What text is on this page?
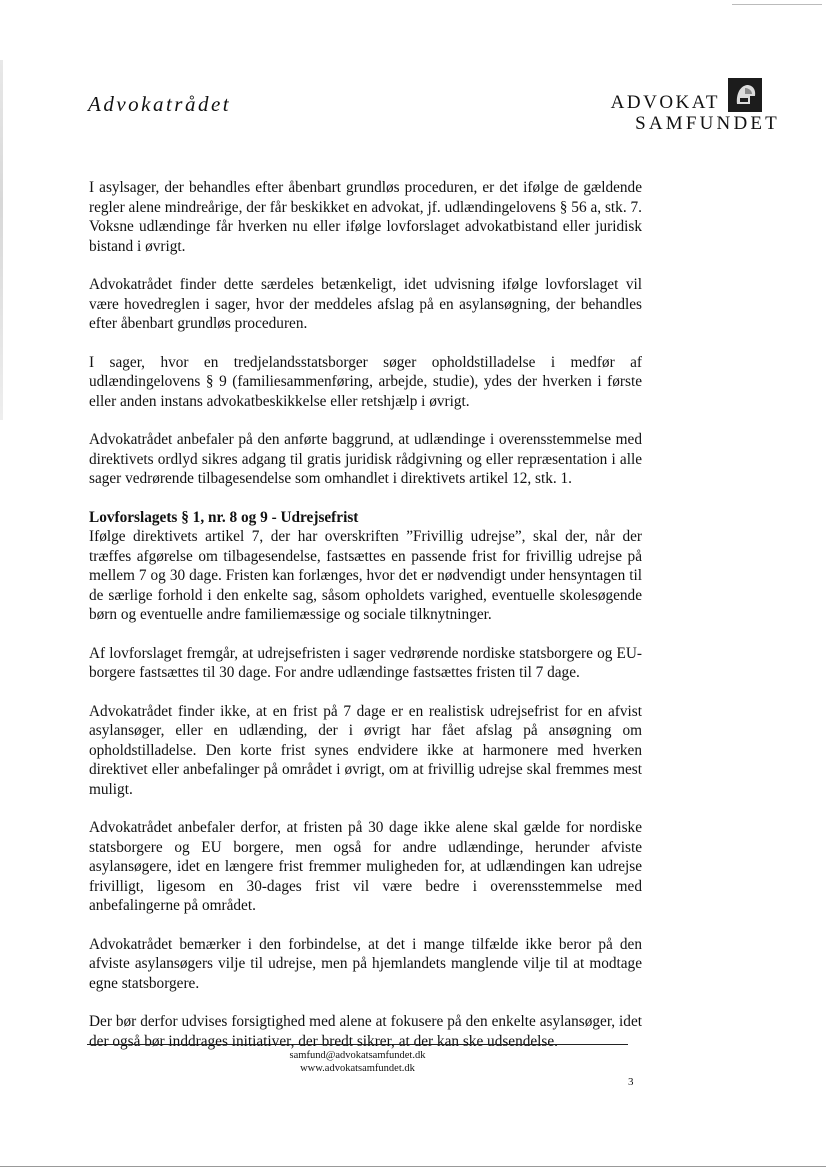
Advokatrådet	ADVOKAT
SAMFUNDET

I asylsager, der behandles efter åbenbart grundløs proceduren, er det ifølge de gældende regler alene mindreårige, der får beskikket en advokat, jf. udlændingelovens § 56 a, stk. 7. Voksne udlændinge får hverken nu eller ifølge lovforslaget advokatbistand eller juridisk bistand i øvrigt.

Advokatrådet finder dette særdeles betænkeligt, idet udvisning ifølge lovforslaget vil være hovedreglen i sager, hvor der meddeles afslag på en asylansøgning, der behandles efter åbenbart grundløs proceduren.

I sager, hvor en tredjelandsstatsborger søger opholdstilladelse i medfør af udlændingelovens § 9 (familiesammenføring, arbejde, studie), ydes der hverken i første eller anden instans advokatbeskikkelse eller retshjælp i øvrigt.

Advokatrådet anbefaler på den anførte baggrund, at udlændinge i overensstemmelse med direktivets ordlyd sikres adgang til gratis juridisk rådgivning og eller repræsentation i alle sager vedrørende tilbagesendelse som omhandlet i direktivets artikel 12, stk. 1.

Lovforslagets § 1, nr. 8 og 9 - Udrejsefrist

Ifølge direktivets artikel 7, der har overskriften ”Frivillig udrejse”, skal der, når der træffes afgørelse om tilbagesendelse, fastsættes en passende frist for frivillig udrejse på mellem 7 og 30 dage. Fristen kan forlænges, hvor det er nødvendigt under hensyntagen til de særlige forhold i den enkelte sag, såsom opholdets varighed, eventuelle skolesøgende børn og eventuelle andre familiemæssige og sociale tilknytninger.

Af lovforslaget fremgår, at udrejsefristen i sager vedrørende nordiske statsborgere og EU-borgere fastsættes til 30 dage. For andre udlændinge fastsættes fristen til 7 dage.

Advokatrådet finder ikke, at en frist på 7 dage er en realistisk udrejsefrist for en afvist asylansøger, eller en udlænding, der i øvrigt har fået afslag på ansøgning om opholdstilladelse. Den korte frist synes endvidere ikke at harmonere med hverken direktivet eller anbefalinger på området i øvrigt, om at frivillig udrejse skal fremmes mest muligt.

Advokatrådet anbefaler derfor, at fristen på 30 dage ikke alene skal gælde for nordiske statsborgere og EU borgere, men også for andre udlændinge, herunder afviste asylansøgere, idet en længere frist fremmer muligheden for, at udlændingen kan udrejse frivilligt, ligesom en 30-dages frist vil være bedre i overensstemmelse med anbefalingerne på området.

Advokatrådet bemærker i den forbindelse, at det i mange tilfælde ikke beror på den afviste asylansøgers vilje til udrejse, men på hjemlandets manglende vilje til at modtage egne statsborgere.

Der bør derfor udvises forsigtighed med alene at fokusere på den enkelte asylansøger, idet der også bør inddrages initiativer, der bredt sikrer, at der kan ske udsendelse.

samfund@advokatsamfundet.dk
www.advokatsamfundet.dk
3
